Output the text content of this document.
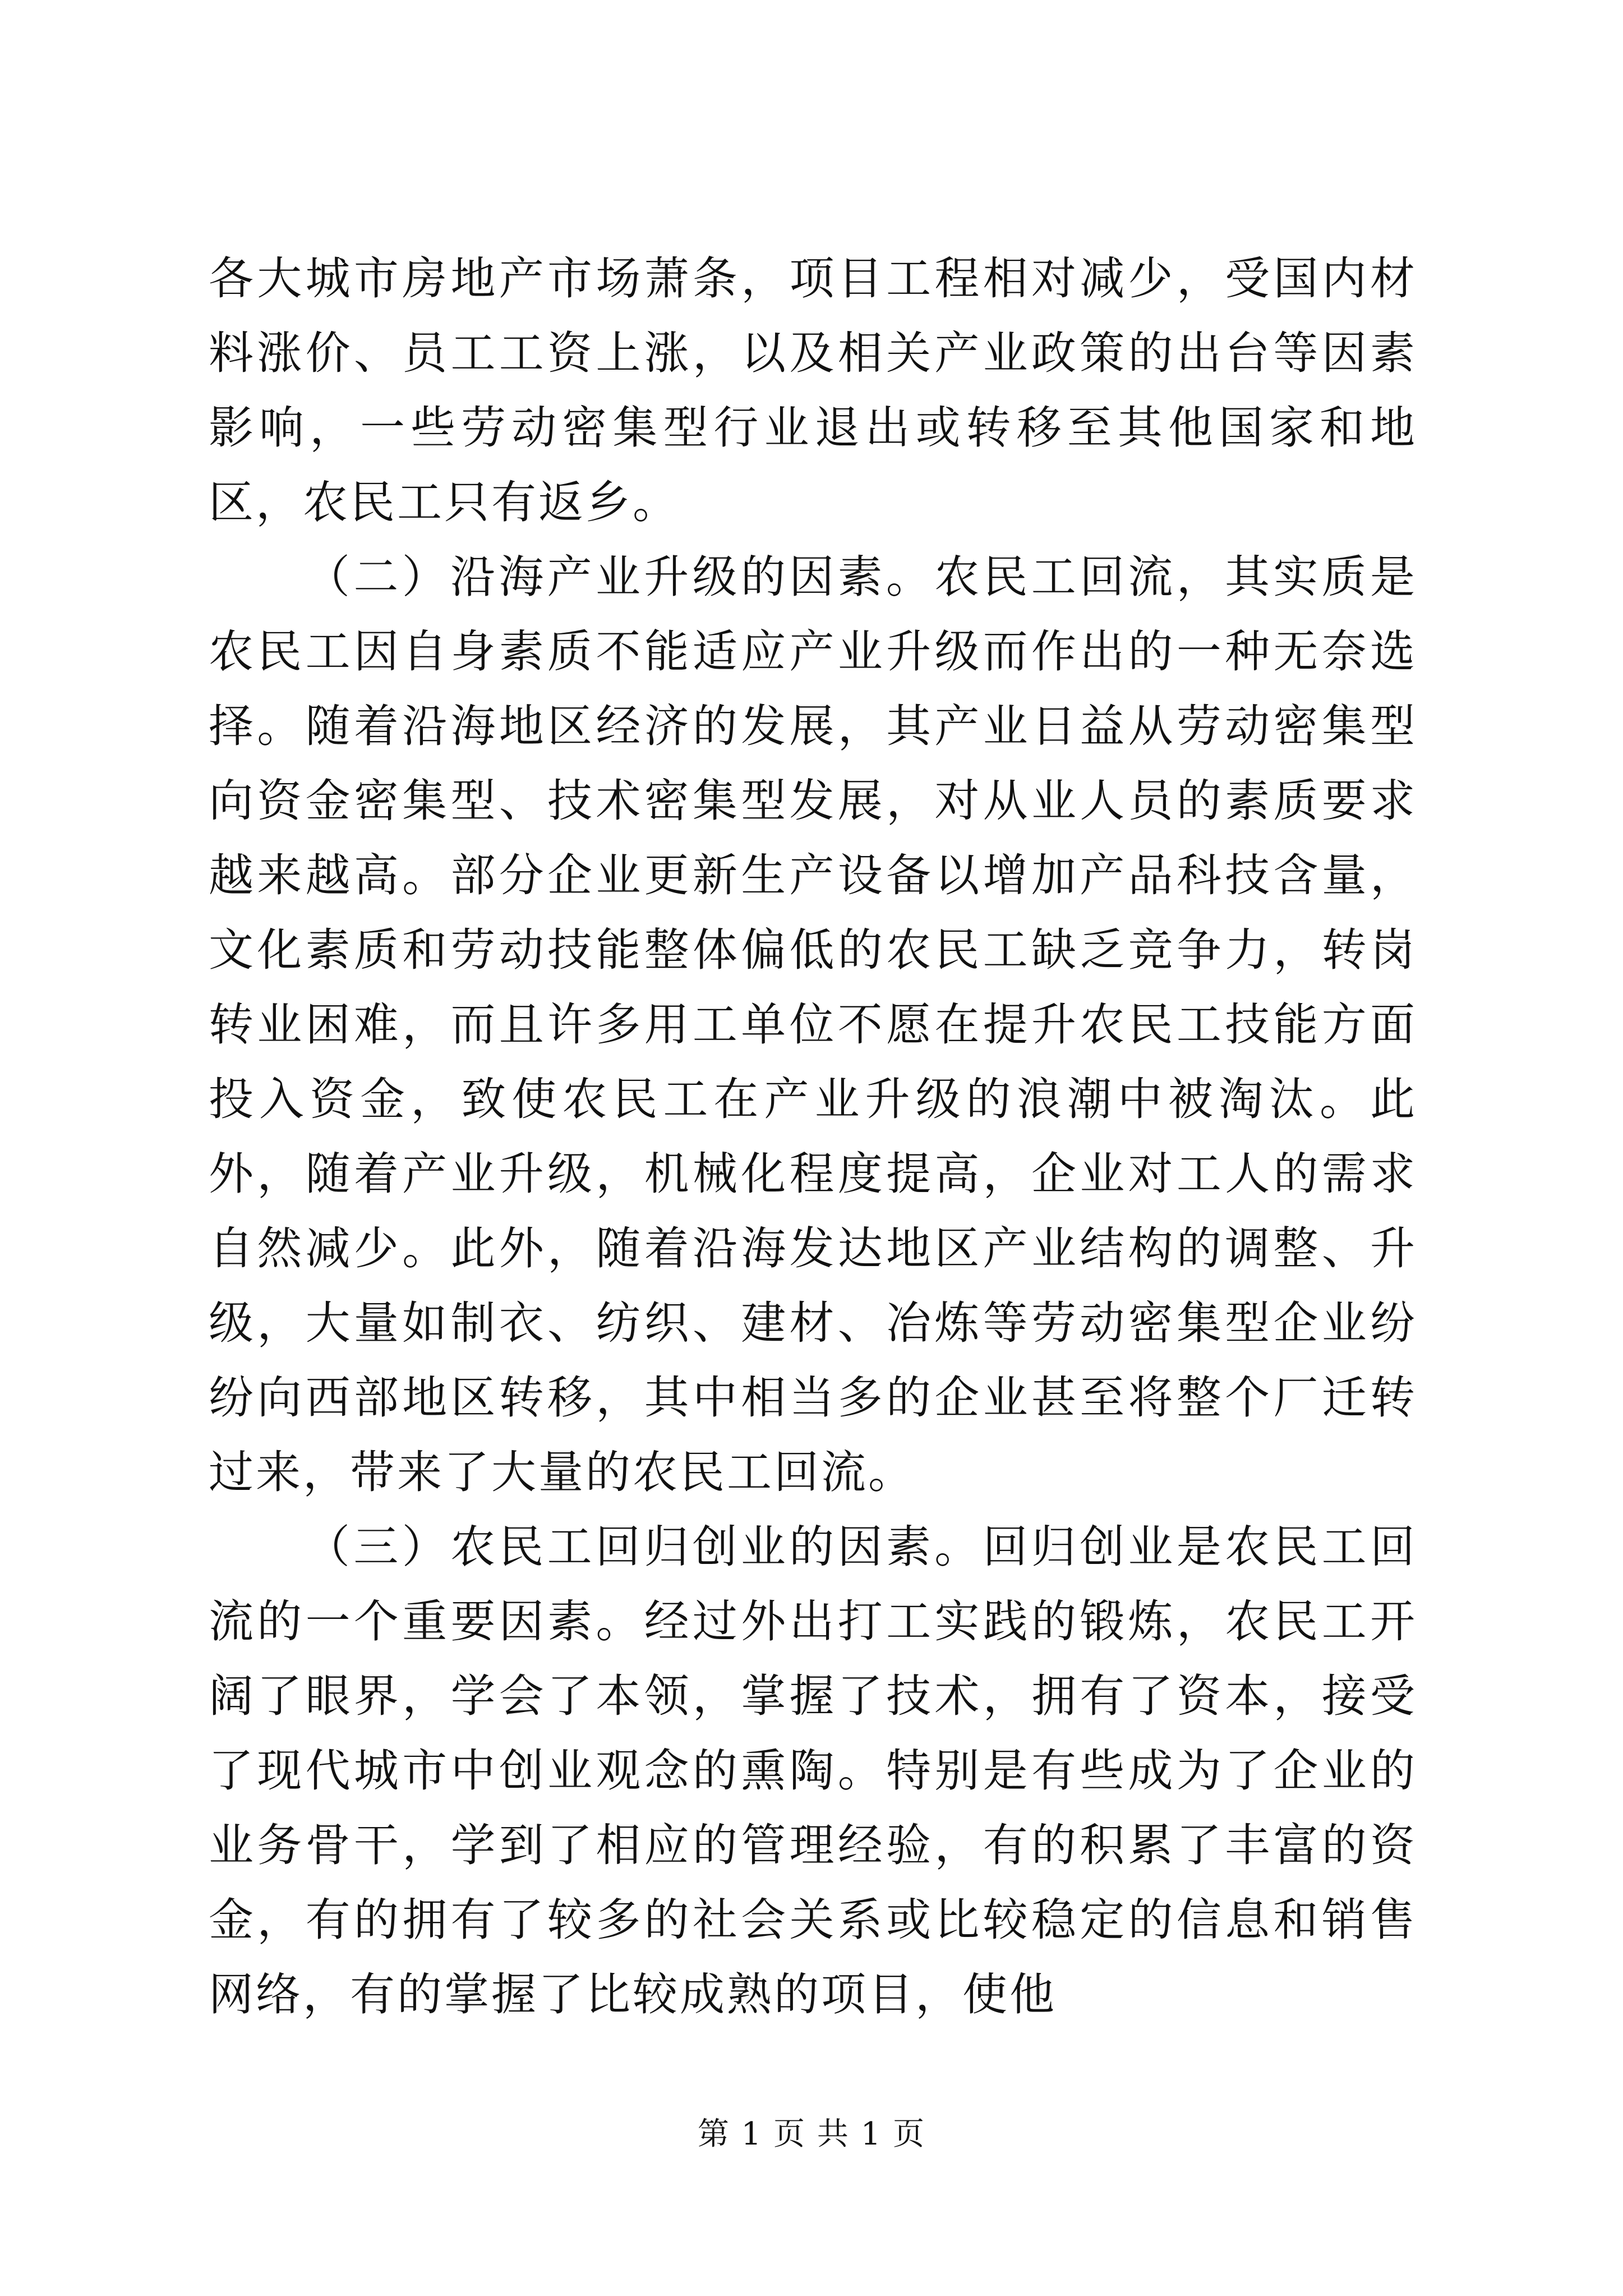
各大城市房地产市场萧条，项目工程相对减少，受国内材料涨价、员工工资上涨，以及相关产业政策的出台等因素影响，一些劳动密集型行业退出或转移至其他国家和地区，农民工只有返乡。

（二）沿海产业升级的因素。农民工回流，其实质是农民工因自身素质不能适应产业升级而作出的一种无奈选择。随着沿海地区经济的发展，其产业日益从劳动密集型向资金密集型、技术密集型发展，对从业人员的素质要求越来越高。部分企业更新生产设备以增加产品科技含量，文化素质和劳动技能整体偏低的农民工缺乏竞争力，转岗转业困难，而且许多用工单位不愿在提升农民工技能方面投入资金，致使农民工在产业升级的浪潮中被淘汰。此外，随着产业升级，机械化程度提高，企业对工人的需求自然减少。此外，随着沿海发达地区产业结构的调整、升级，大量如制衣、纺织、建材、冶炼等劳动密集型企业纷纷向西部地区转移，其中相当多的企业甚至将整个厂迁转过来，带来了大量的农民工回流。

（三）农民工回归创业的因素。回归创业是农民工回流的一个重要因素。经过外出打工实践的锻炼，农民工开阔了眼界，学会了本领，掌握了技术，拥有了资本，接受了现代城市中创业观念的熏陶。特别是有些成为了企业的业务骨干，学到了相应的管理经验，有的积累了丰富的资金，有的拥有了较多的社会关系或比较稳定的信息和销售网络，有的掌握了比较成熟的项目，使他

第 1 页 共 1 页
